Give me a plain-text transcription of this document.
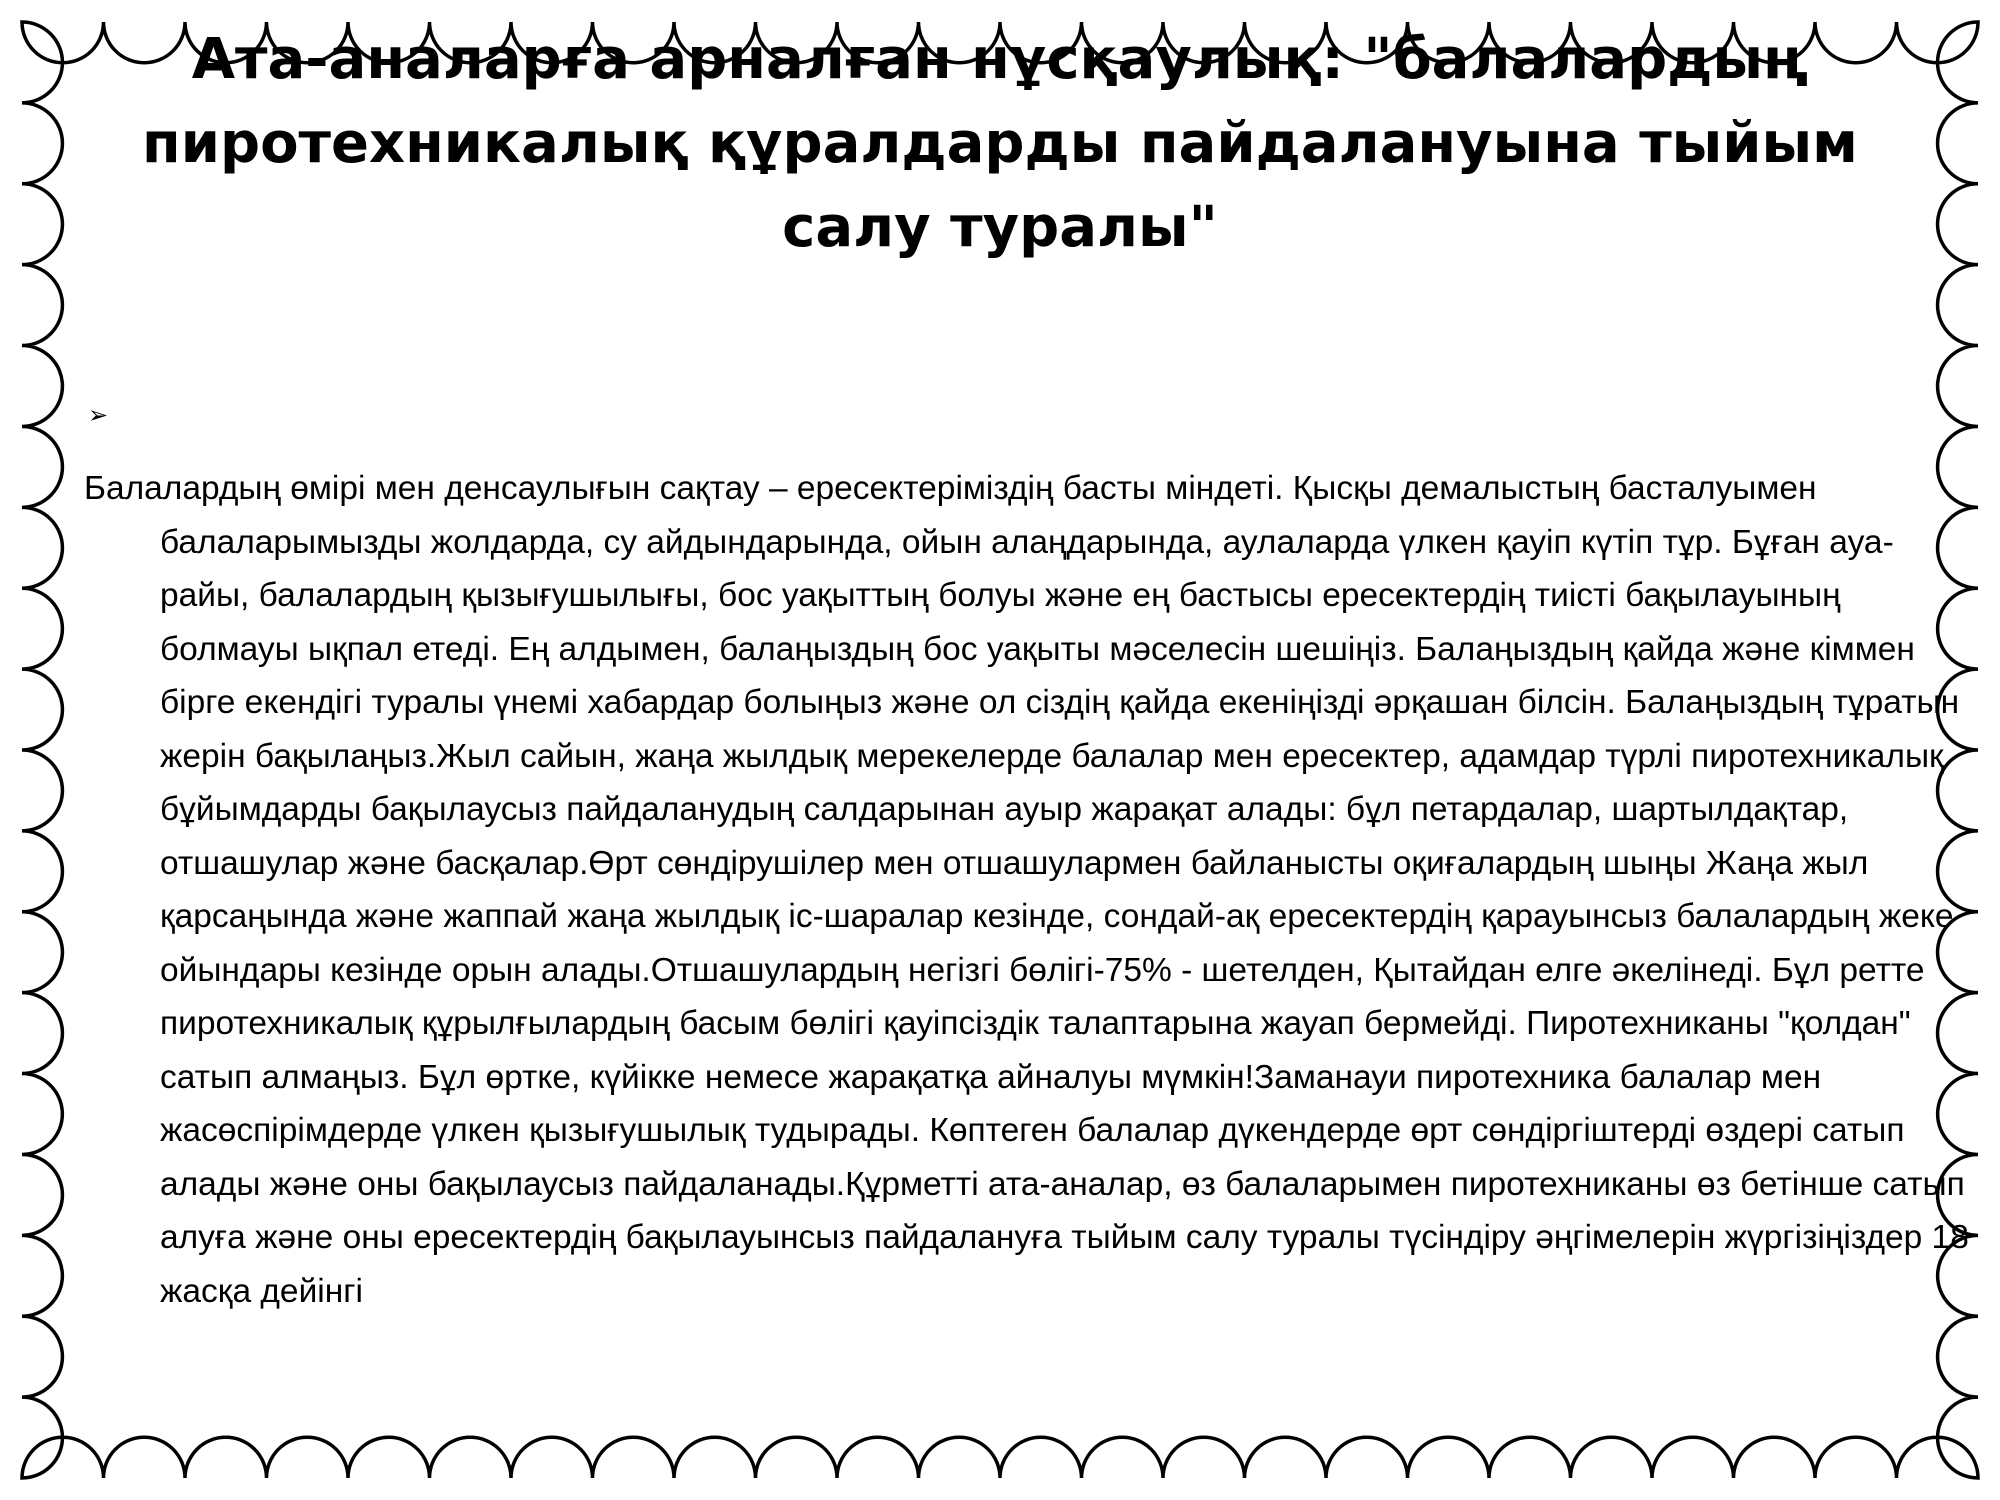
Ата-аналарға арналған нұсқаулық: "балалардың пиротехникалық құралдарды пайдалануына тыйым салу туралы"
➢

Балалардың өмірі мен денсаулығын сақтау – ересектеріміздің басты міндеті. Қысқы демалыстың басталуымен балаларымызды жолдарда, су айдындарында, ойын алаңдарында, аулаларда үлкен қауіп күтіп тұр. Бұған ауа-райы, балалардың қызығушылығы, бос уақыттың болуы және ең бастысы ересектердің тиісті бақылауының болмауы ықпал етеді. Ең алдымен, балаңыздың бос уақыты мәселесін шешіңіз. Балаңыздың қайда және кіммен бірге екендігі туралы үнемі хабардар болыңыз және ол сіздің қайда екеніңізді әрқашан білсін. Балаңыздың тұратын жерін бақылаңыз.Жыл сайын, жаңа жылдық мерекелерде балалар мен ересектер, адамдар түрлі пиротехникалық бұйымдарды бақылаусыз пайдаланудың салдарынан ауыр жарақат алады: бұл петардалар, шартылдақтар, отшашулар және басқалар.Өрт сөндірушілер мен отшашулармен байланысты оқиғалардың шыңы Жаңа жыл қарсаңында және жаппай жаңа жылдық іс-шаралар кезінде, сондай-ақ ересектердің қарауынсыз балалардың жеке ойындары кезінде орын алады.Отшашулардың негізгі бөлігі-75% - шетелден, Қытайдан елге әкелінеді. Бұл ретте пиротехникалық құрылғылардың басым бөлігі қауіпсіздік талаптарына жауап бермейді. Пиротехниканы "қолдан" сатып алмаңыз. Бұл өртке, күйікке немесе жарақатқа айналуы мүмкін!Заманауи пиротехника балалар мен жасөспірімдерде үлкен қызығушылық тудырады. Көптеген балалар дүкендерде өрт сөндіргіштерді өздері сатып алады және оны бақылаусыз пайдаланады.Құрметті ата-аналар, өз балаларымен пиротехниканы өз бетінше сатып алуға және оны ересектердің бақылауынсыз пайдалануға тыйым салу туралы түсіндіру әңгімелерін жүргізіңіздер 18 жасқа дейінгі
